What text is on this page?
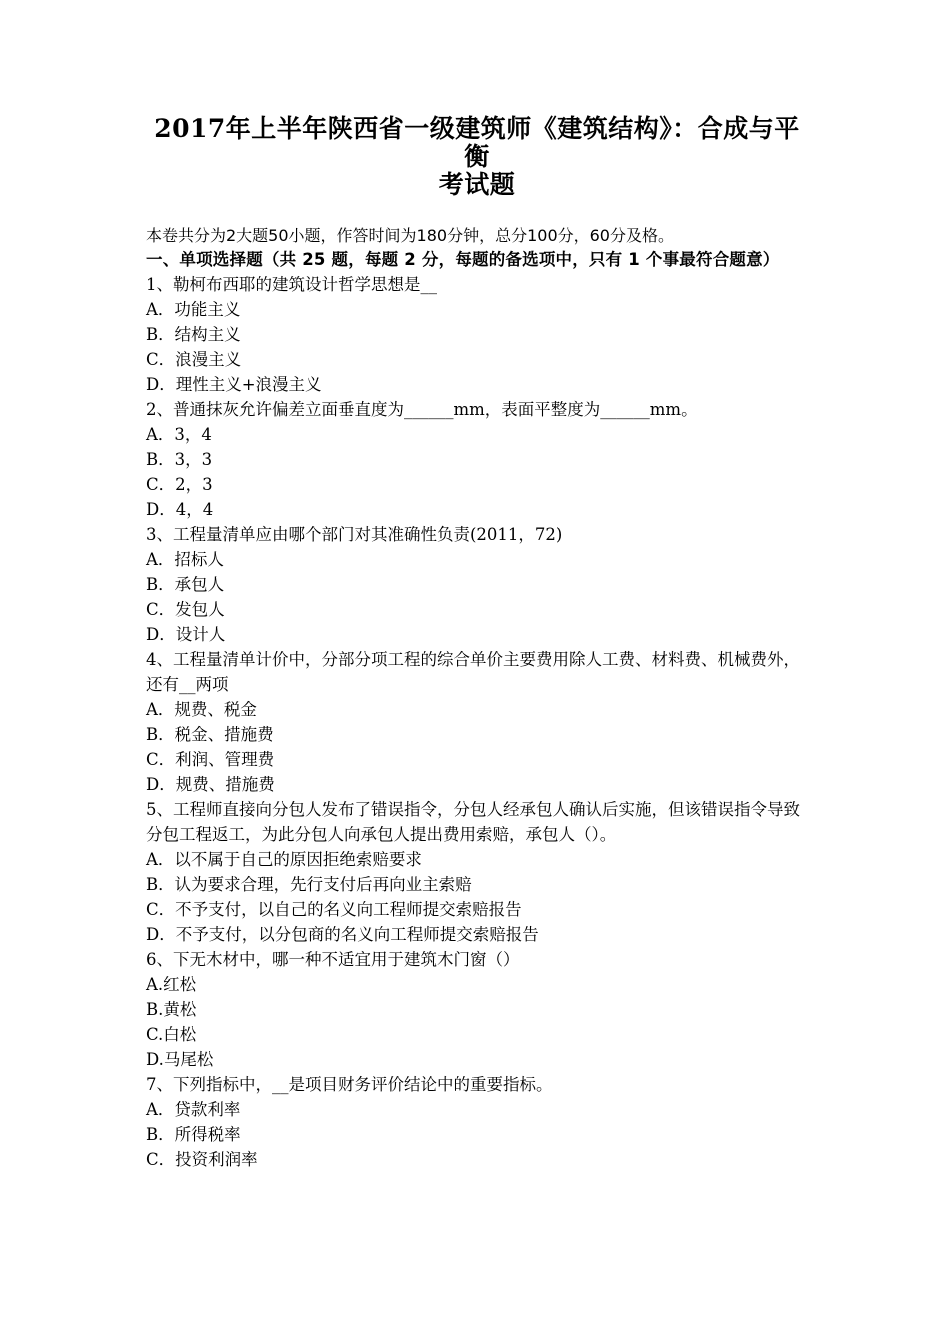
2017年上半年陕西省一级建筑师《建筑结构》：合成与平衡
考试题
本卷共分为2大题50小题，作答时间为180分钟，总分100分，60分及格。
一、单项选择题（共 25 题，每题 2 分，每题的备选项中，只有 1 个事最符合题意）
1、勒柯布西耶的建筑设计哲学思想是__
A．功能主义
B．结构主义
C．浪漫主义
D．理性主义+浪漫主义
2、普通抹灰允许偏差立面垂直度为______mm，表面平整度为______mm。
A．3，4
B．3，3
C．2，3
D．4，4
3、工程量清单应由哪个部门对其准确性负责(2011，72)
A．招标人
B．承包人
C．发包人
D．设计人
4、工程量清单计价中，分部分项工程的综合单价主要费用除人工费、材料费、机械费外，还有__两项
A．规费、税金
B．税金、措施费
C．利润、管理费
D．规费、措施费
5、工程师直接向分包人发布了错误指令，分包人经承包人确认后实施，但该错误指令导致分包工程返工，为此分包人向承包人提出费用索赔，承包人（）。
A．以不属于自己的原因拒绝索赔要求
B．认为要求合理，先行支付后再向业主索赔
C．不予支付，以自己的名义向工程师提交索赔报告
D．不予支付，以分包商的名义向工程师提交索赔报告
6、下无木材中，哪一种不适宜用于建筑木门窗（）
A.红松
B.黄松
C.白松
D.马尾松
7、下列指标中，__是项目财务评价结论中的重要指标。
A．贷款利率
B．所得税率
C．投资利润率
